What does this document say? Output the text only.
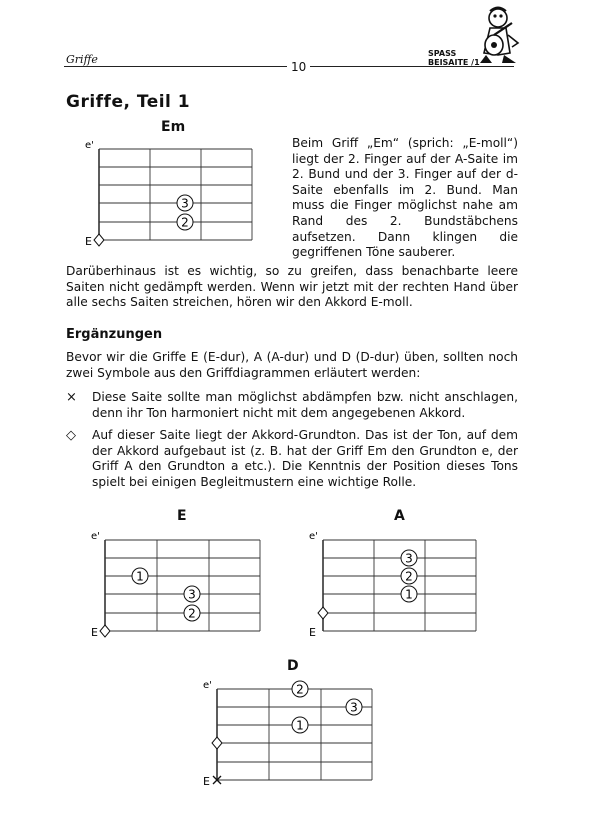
Griffe
10
SPASS
BEISAITE /1
Griffe, Teil 1
Em
e'
E
3
2
Beim Griff „Em“ (sprich: „E-moll“) liegt der 2. Finger auf der A-Saite im 2. Bund und der 3. Finger auf der d-Saite ebenfalls im 2. Bund. Man muss die Finger möglichst nahe am Rand des 2. Bundstäbchens aufsetzen. Dann klingen die gegriffenen Töne sauberer.
Darüberhinaus ist es wichtig, so zu greifen, dass benachbarte leere Saiten nicht gedämpft werden. Wenn wir jetzt mit der rechten Hand über alle sechs Saiten streichen, hören wir den Akkord E-moll.
Ergänzungen
Bevor wir die Griffe E (E-dur), A (A-dur) und D (D-dur) üben, sollten noch zwei Symbole aus den Griffdiagrammen erläutert werden:
×	Diese Saite sollte man möglichst abdämpfen bzw. nicht anschlagen, denn ihr Ton harmoniert nicht mit dem angegebenen Akkord.
◇	Auf dieser Saite liegt der Akkord-Grundton. Das ist der Ton, auf dem der Akkord aufgebaut ist (z. B. hat der Griff Em den Grundton e, der Griff A den Grundton a etc.). Die Kenntnis der Position dieses Tons spielt bei einigen Begleitmustern eine wichtige Rolle.
E
e'
E
1
3
2
A
e'
E
3
2
1
D
e'
E
2
3
1
